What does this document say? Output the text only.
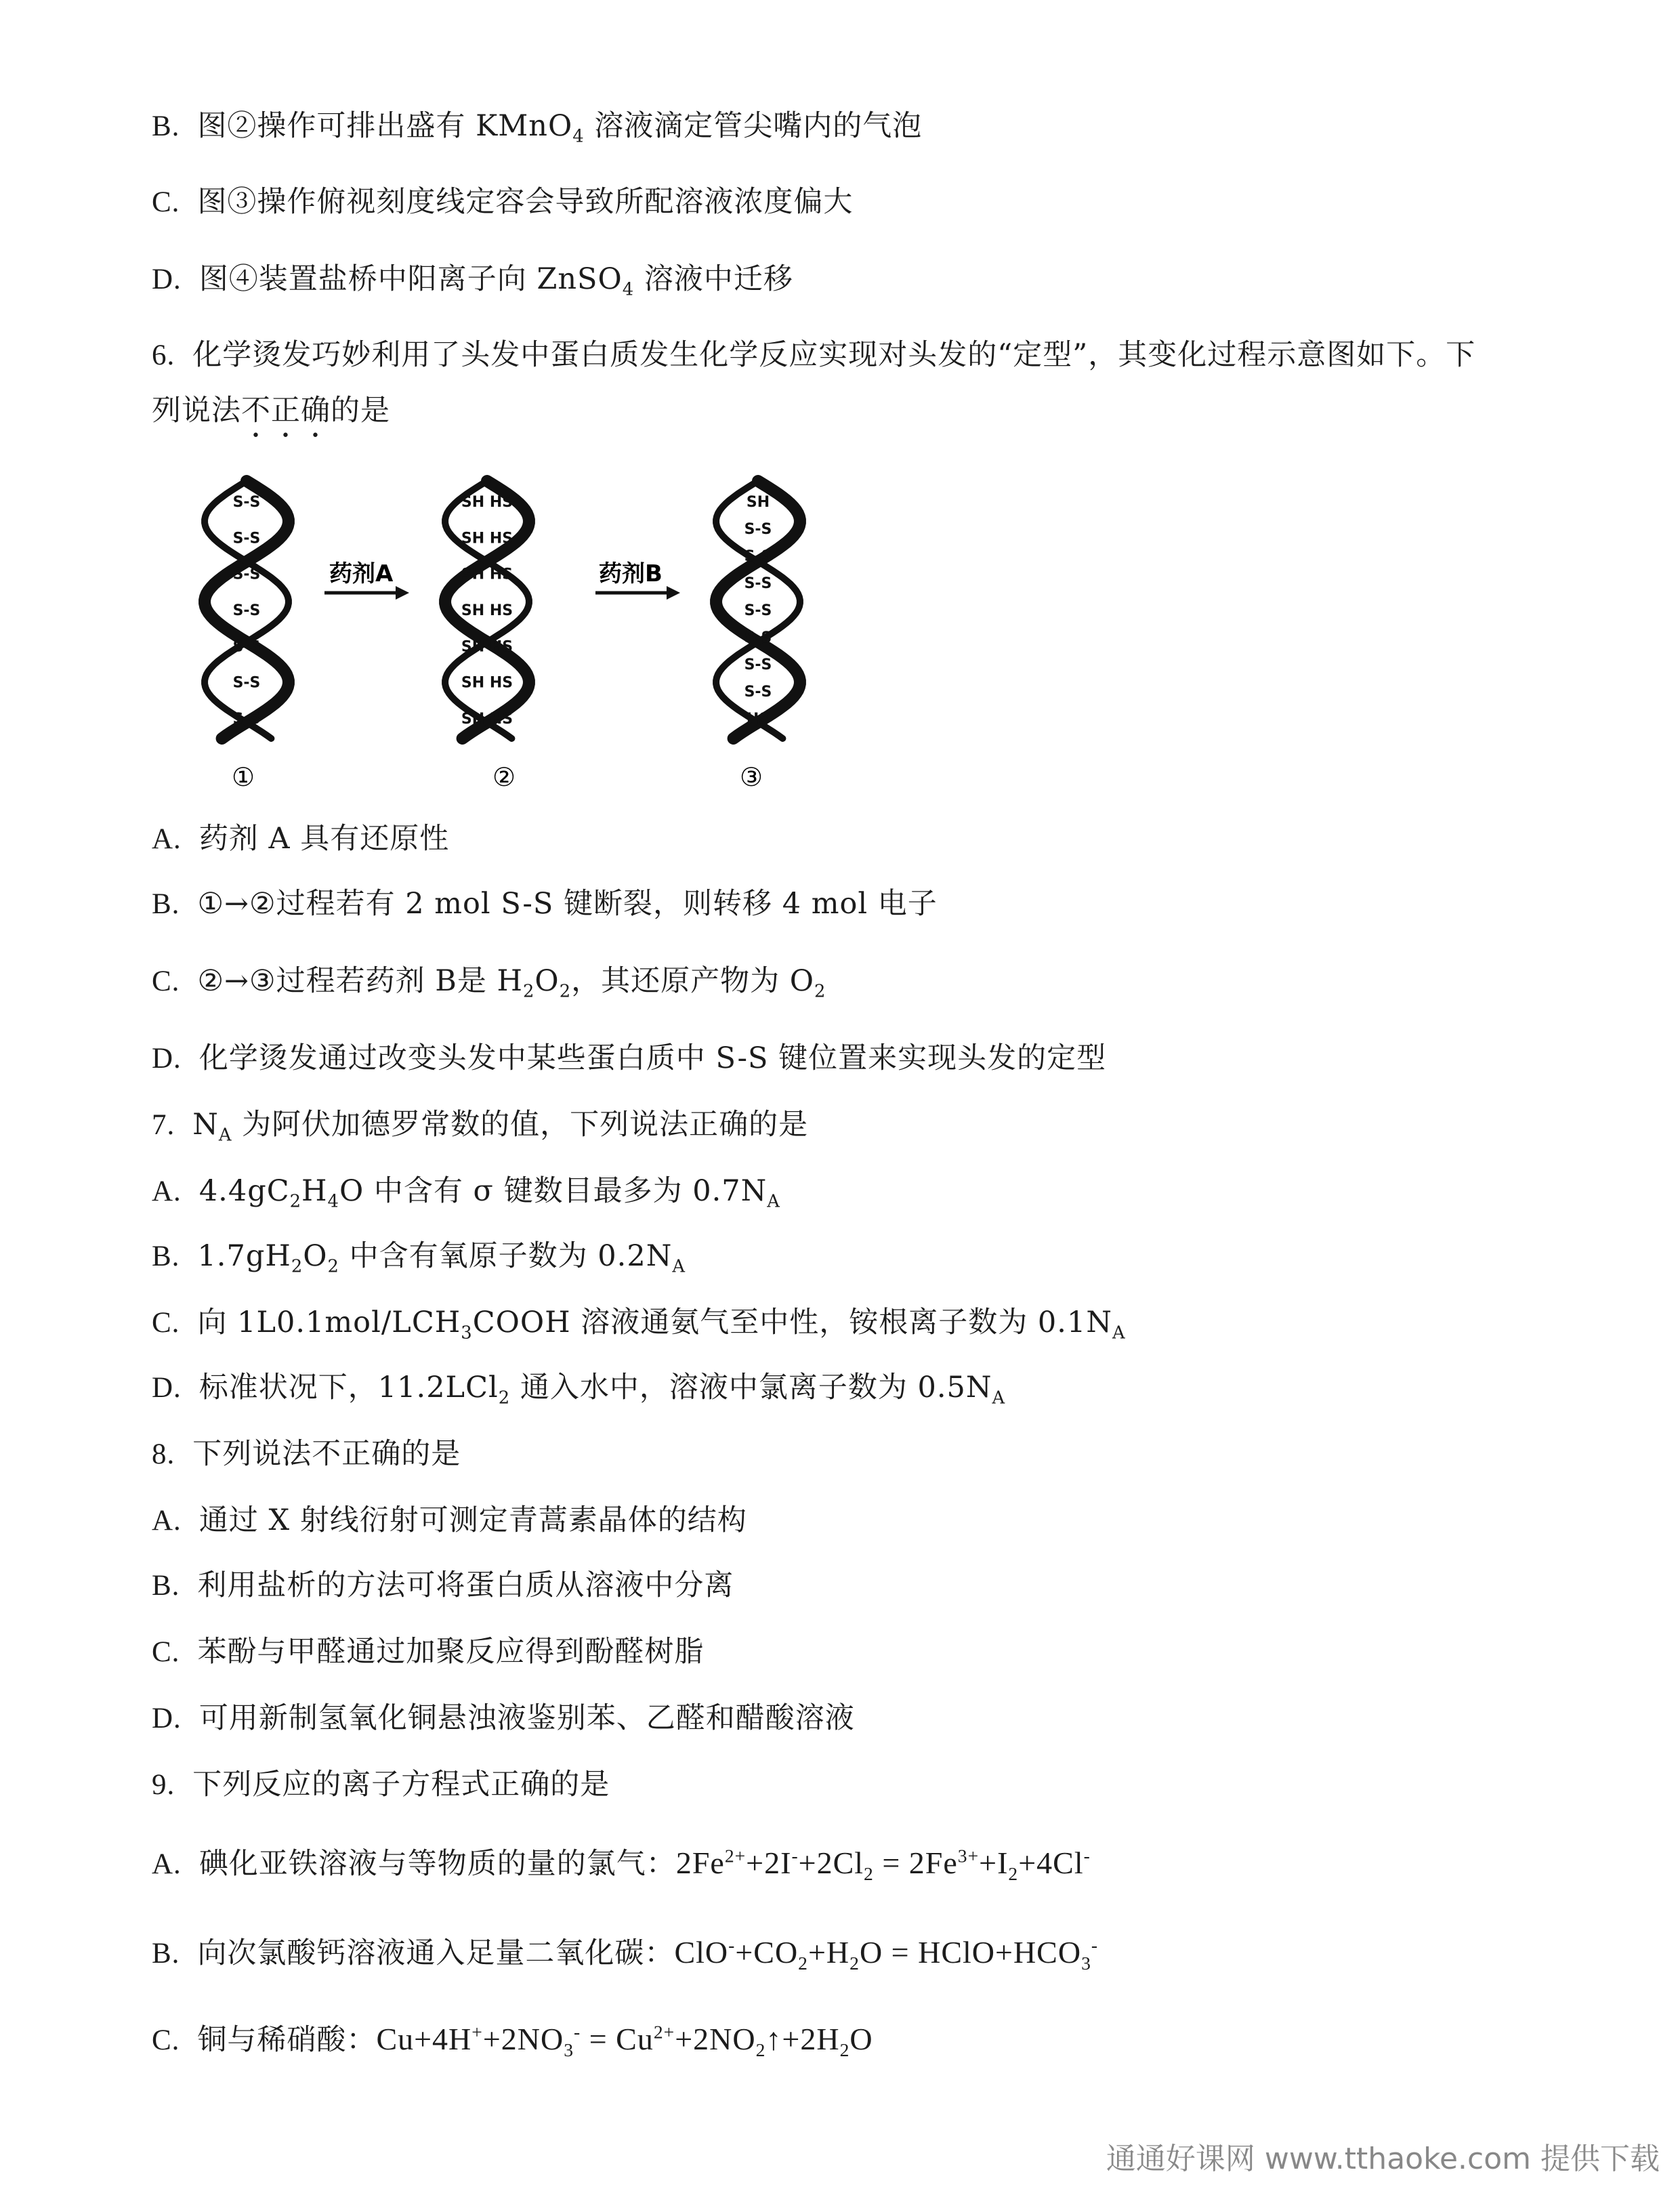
B. 图②操作可排出盛有 KMnO$_4$ 溶液滴定管尖嘴内的气泡
C. 图③操作俯视刻度线定容会导致所配溶液浓度偏大
D. 图④装置盐桥中阳离子向 ZnSO$_4$ 溶液中迁移
6. 化学烫发巧妙利用了头发中蛋白质发生化学反应实现对头发的“定型”，其变化过程示意图如下。下
列说法不正确的是
S-S
S-S
S-S
S-S
S-S
S-S
S-S
SH HS
SH HS
SH HS
SH HS
SH HS
SH HS
SH HS
SH
S-S
S-S
S-S
S-S
S-S
S-S
S-S
HS
药剂A	药剂B
①	②	③
A. 药剂 A 具有还原性
B. ①→②过程若有 2 mol S-S 键断裂，则转移 4 mol 电子
C. ②→③过程若药剂 B是 $H_2O_2$，其还原产物为 $O_2$
D. 化学烫发通过改变头发中某些蛋白质中 S-S 键位置来实现头发的定型
7. $N_A$ 为阿伏加德罗常数的值，下列说法正确的是
A. $4.4gC_2H_4O$ 中含有 σ 键数目最多为 $0.7N_A$
B. $1.7gH_2O_2$ 中含有氧原子数为 $0.2N_A$
C. 向 $1L0.1mol/LCH_3COOH$ 溶液通氨气至中性，铵根离子数为 $0.1N_A$
D. 标准状况下，11.2LCl$_2$ 通入水中，溶液中氯离子数为 $0.5N_A$
8. 下列说法不正确的是
A. 通过 X 射线衍射可测定青蒿素晶体的结构
B. 利用盐析的方法可将蛋白质从溶液中分离
C. 苯酚与甲醛通过加聚反应得到酚醛树脂
D. 可用新制氢氧化铜悬浊液鉴别苯、乙醛和醋酸溶液
9. 下列反应的离子方程式正确的是
A. 碘化亚铁溶液与等物质的量的氯气：$2Fe^{2+}+2I^-+2Cl_2 = 2Fe^{3+}+I_2+4Cl^-$
B. 向次氯酸钙溶液通入足量二氧化碳：$ClO^-+CO_2+H_2O$ = $HClO+HCO_3^-$
C. 铜与稀硝酸：$Cu+4H^++2NO_3^-$ = $Cu^{2+}+2NO_2↑+2H_2O$
通通好课网 www.tthaoke.com 提供下载
